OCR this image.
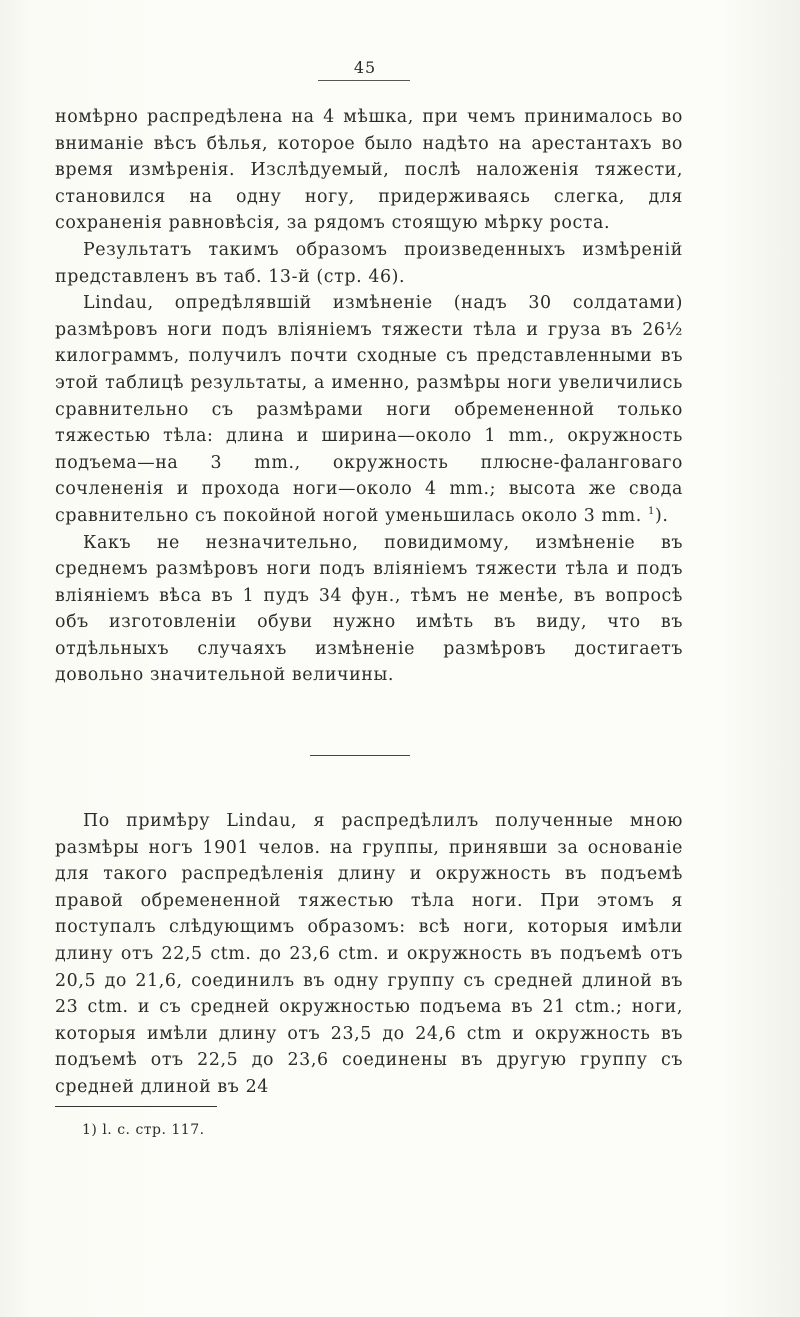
45

номѣрно распредѣлена на 4 мѣшка, при чемъ принималось во вниманіе вѣсъ бѣлья, которое было надѣто на арестантахъ во время измѣренія. Изслѣдуемый, послѣ наложенія тяжести, становился на одну ногу, придерживаясь слегка, для сохраненія равновѣсія, за рядомъ стоящую мѣрку роста.

Результатъ такимъ образомъ произведенныхъ измѣреній представленъ въ таб. 13-й (стр. 46).

Lindau, опредѣлявшій измѣненіе (надъ 30 солдатами) размѣровъ ноги подъ вліяніемъ тяжести тѣла и груза въ 26½ килограммъ, получилъ почти сходные съ представленными въ этой таблицѣ результаты, а именно, размѣры ноги увеличились сравнительно съ размѣрами ноги обремененной только тяжестью тѣла: длина и ширина—около 1 mm., окружность подъема—на 3 mm., окружность плюсне-фаланговаго сочлененія и прохода ноги—около 4 mm.; высота же свода сравнительно съ покойной ногой уменьшилась около 3 mm. $^1$).

Какъ не незначительно, повидимому, измѣненіе въ среднемъ размѣровъ ноги подъ вліяніемъ тяжести тѣла и подъ вліяніемъ вѣса въ 1 пудъ 34 фун., тѣмъ не менѣе, въ вопросѣ объ изготовленіи обуви нужно имѣть въ виду, что въ отдѣльныхъ случаяхъ измѣненіе размѣровъ достигаетъ довольно значительной величины.

По примѣру Lindau, я распредѣлилъ полученные мною размѣры ногъ 1901 челов. на группы, принявши за основаніе для такого распредѣленія длину и окружность въ подъемѣ правой обремененной тяжестью тѣла ноги. При этомъ я поступалъ слѣдующимъ образомъ: всѣ ноги, которыя имѣли длину отъ 22,5 ctm. до 23,6 ctm. и окружность въ подъемѣ отъ 20,5 до 21,6, соединилъ въ одну группу съ средней длиной въ 23 ctm. и съ средней окружностью подъема въ 21 ctm.; ноги, которыя имѣли длину отъ 23,5 до 24,6 ctm и окружность въ подъемѣ отъ 22,5 до 23,6 соединены въ другую группу съ средней длиной въ 24

1) l. c. стр. 117.
